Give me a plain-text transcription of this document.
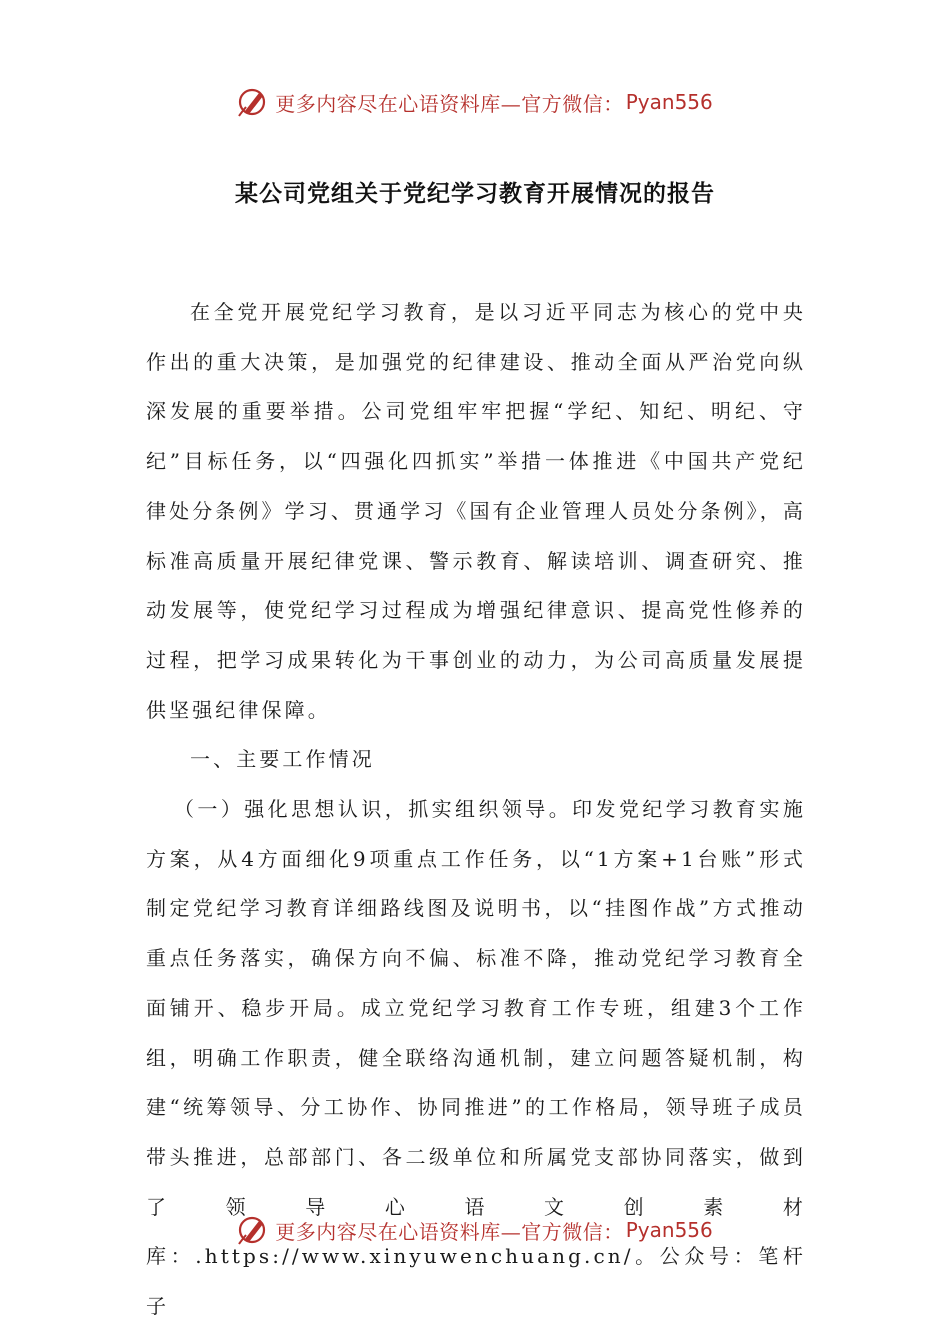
更多内容尽在心语资料库—官方微信： Pyan556
某公司党组关于党纪学习教育开展情况的报告

在全党开展党纪学习教育，是以习近平同志为核心的党中央作出的重大决策，是加强党的纪律建设、推动全面从严治党向纵深发展的重要举措。公司党组牢牢把握“学纪、知纪、明纪、守纪”目标任务，以“四强化四抓实”举措一体推进《中国共产党纪律处分条例》学习、贯通学习《国有企业管理人员处分条例》，高标准高质量开展纪律党课、警示教育、解读培训、调查研究、推动发展等，使党纪学习过程成为增强纪律意识、提高党性修养的过程，把学习成果转化为干事创业的动力，为公司高质量发展提供坚强纪律保障。

一、主要工作情况

（一）强化思想认识，抓实组织领导。印发党纪学习教育实施方案，从4方面细化9项重点工作任务，以“1方案+1台账”形式制定党纪学习教育详细路线图及说明书，以“挂图作战”方式推动重点任务落实，确保方向不偏、标准不降，推动党纪学习教育全面铺开、稳步开局。成立党纪学习教育工作专班，组建3个工作组，明确工作职责，健全联络沟通机制，建立问题答疑机制，构建“统筹领导、分工协作、协同推进”的工作格局，领导班子成员带头推进，总部部门、各二级单位和所属党支部协同落实，做到了领导心语文创素材库：.https://www.xinyuwenchuang.cn/。公众号：笔杆子

更多内容尽在心语资料库—官方微信： Pyan556
